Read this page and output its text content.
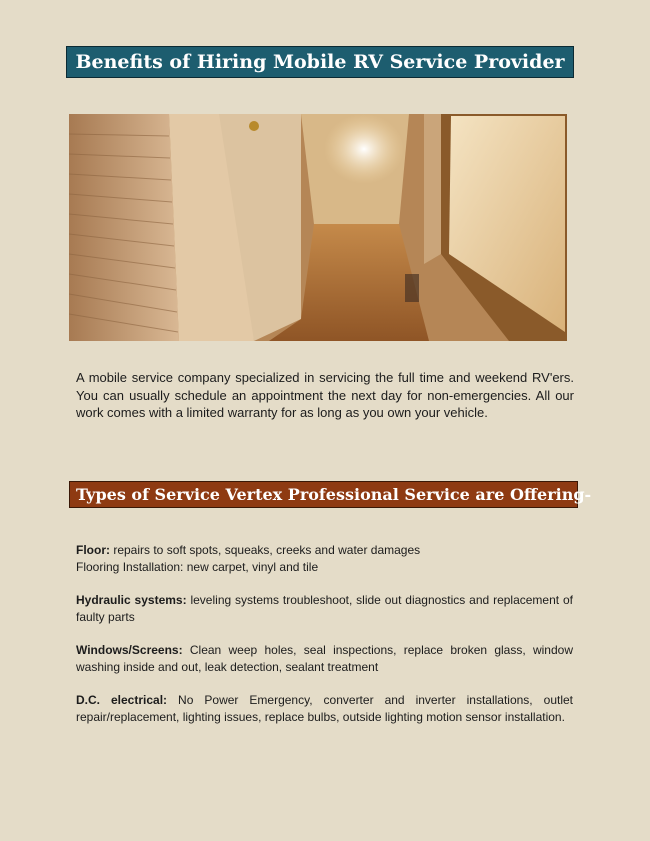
Benefits of Hiring Mobile RV Service Provider
A mobile service company specialized in servicing the full time and weekend RV'ers. You can usually schedule an appointment the next day for non-emergencies. All our work comes with a limited warranty for as long as you own your vehicle.
Types of Service Vertex Professional Service are Offering-

Floor: repairs to soft spots, squeaks, creeks and water damages
Flooring Installation: new carpet, vinyl and tile

Hydraulic systems: leveling systems troubleshoot, slide out diagnostics and replacement of faulty parts

Windows/Screens: Clean weep holes, seal inspections, replace broken glass, window washing inside and out, leak detection, sealant treatment

D.C. electrical: No Power Emergency, converter and inverter installations, outlet repair/replacement, lighting issues, replace bulbs, outside lighting motion sensor installation.
